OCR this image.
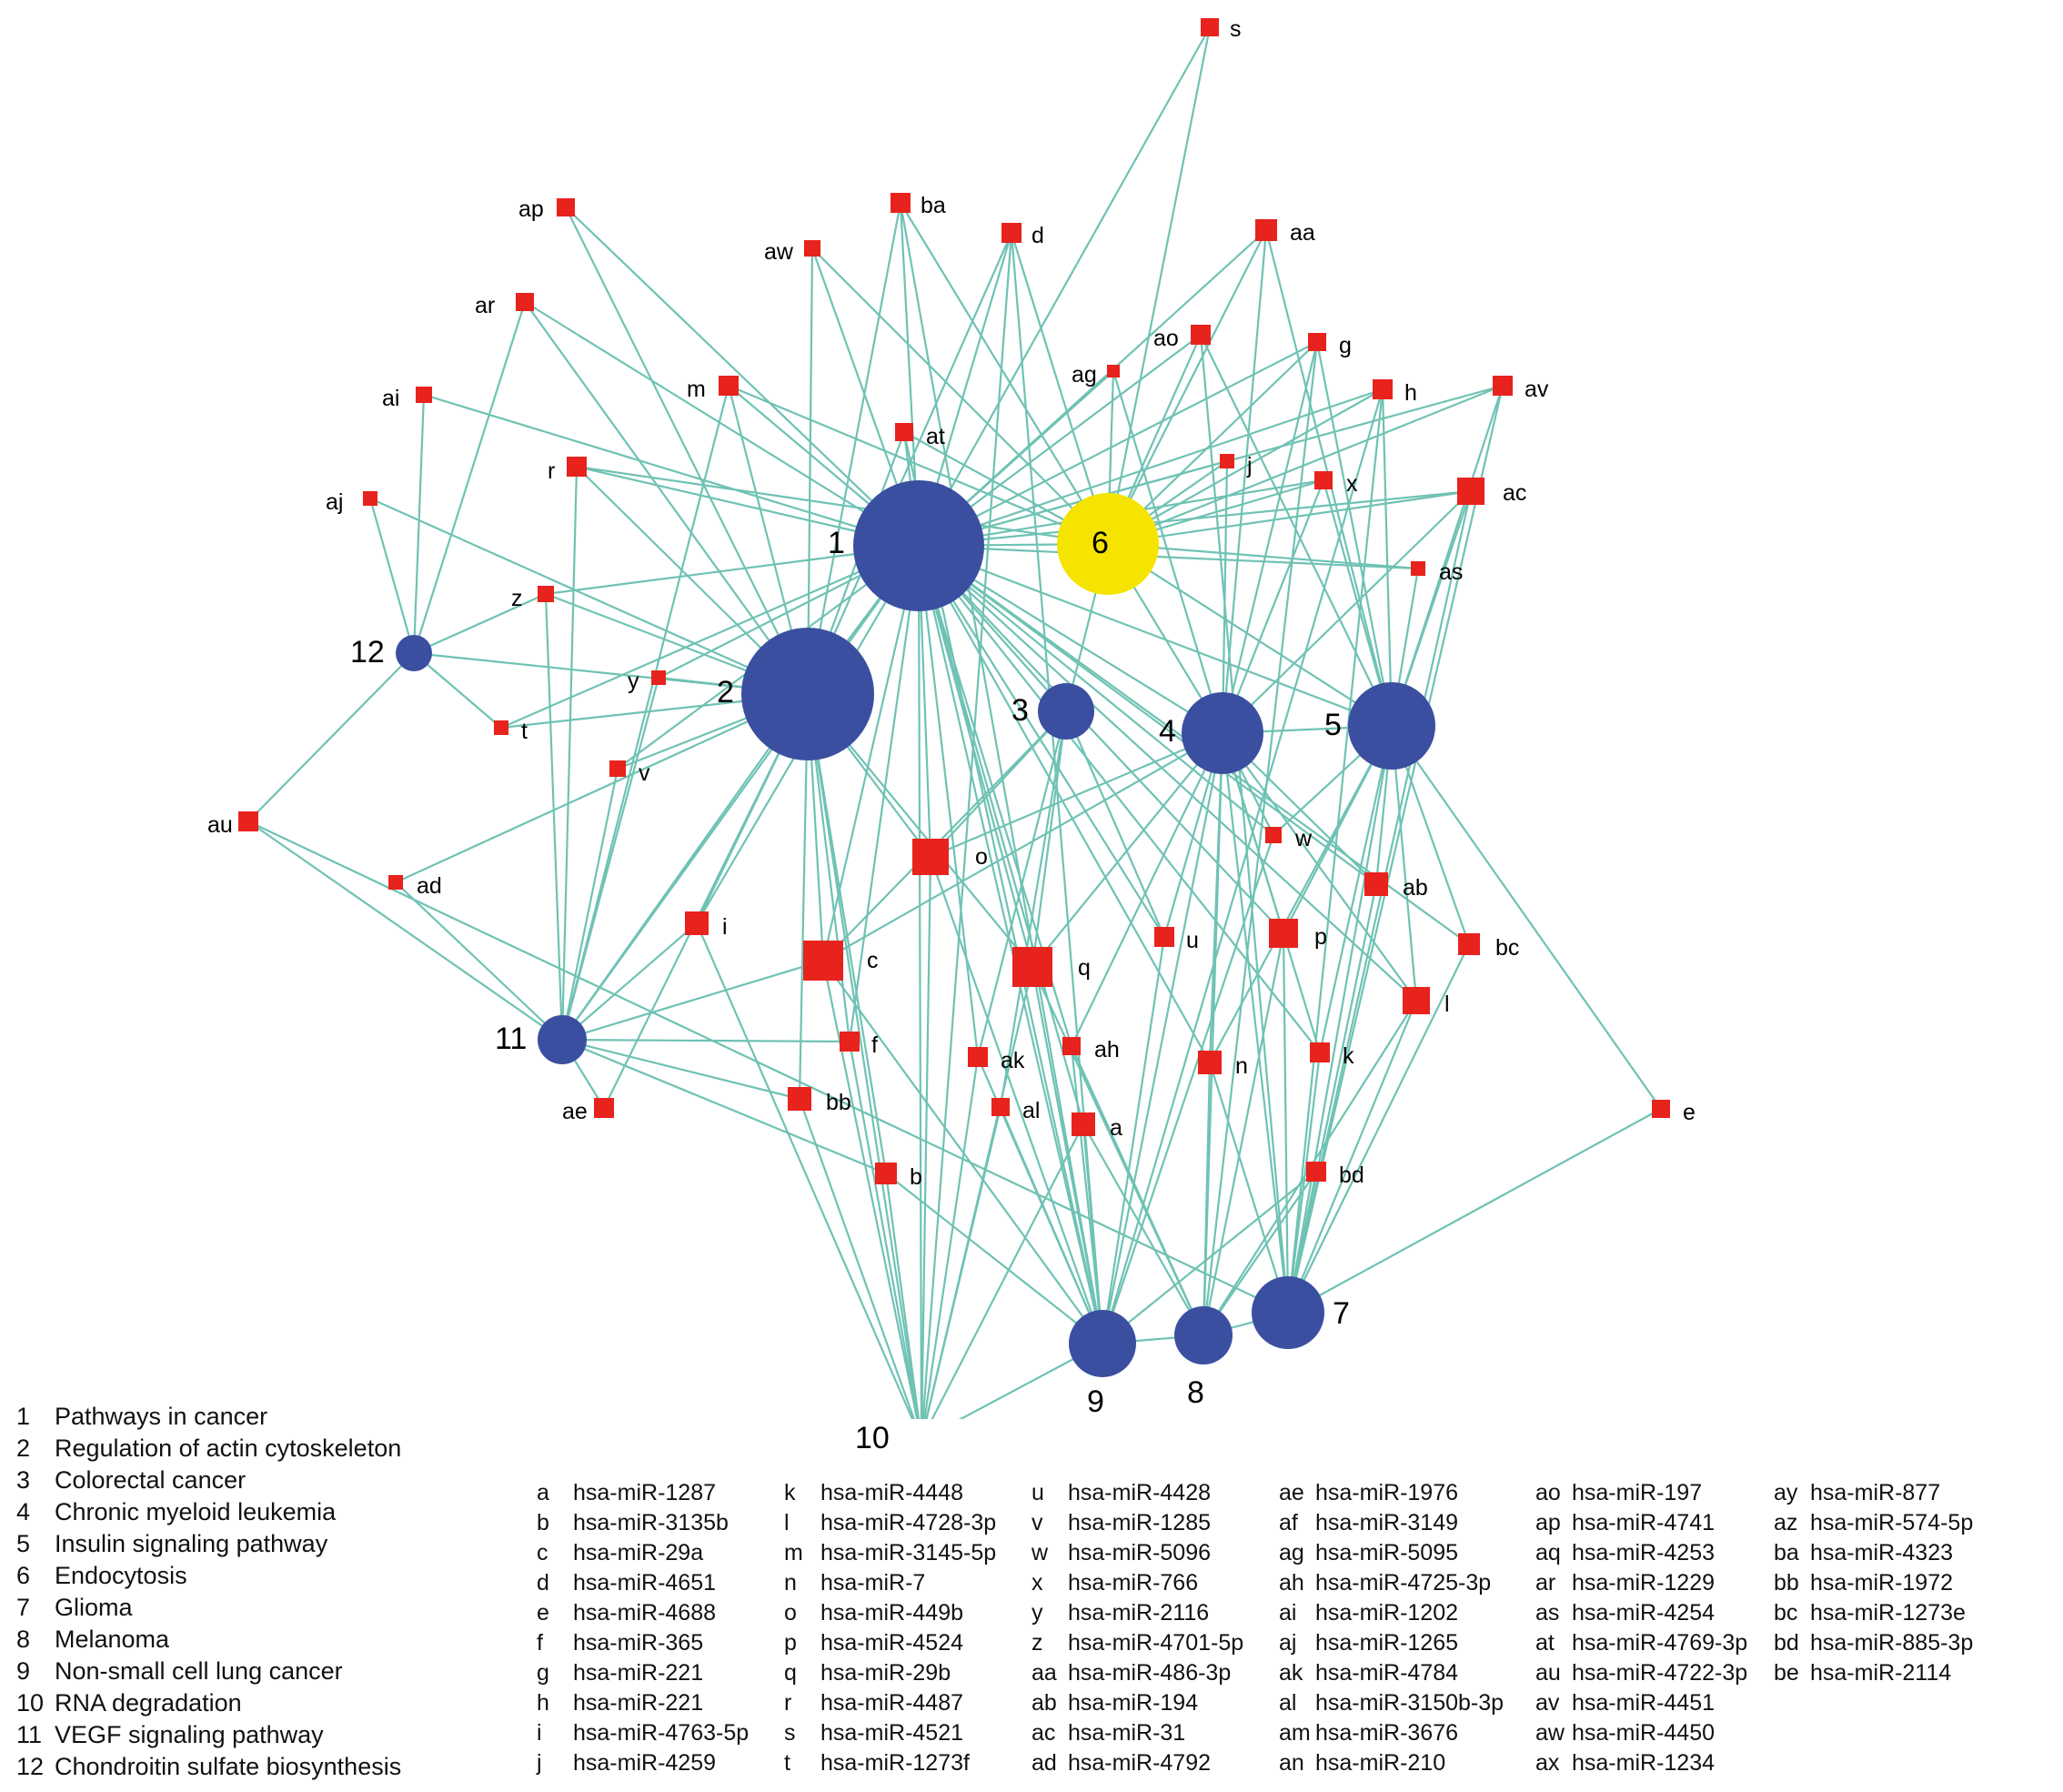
s
ap	ba
d	aa
aw
ar
ao	g
ai	m
ag
h	av
at
r	j
x
aj	ac
z
as
y
t
v
au
w
ad
o
ab
i
u	p	bc
c	q
l
f
ak	ah
n	k
bb
ae	al
a
e
b	bd
1
2
3
4	5
6
7
8
9
10
11
12
1 Pathways in cancer
2 Regulation of actin cytoskeleton
3 Colorectal cancer
4 Chronic myeloid leukemia
5 Insulin signaling pathway
6 Endocytosis
7 Glioma
8 Melanoma
9 Non-small cell lung cancer
10 RNA degradation
11 VEGF signaling pathway
12 Chondroitin sulfate biosynthesis
a	hsa-miR-1287
b	hsa-miR-3135b
c	hsa-miR-29a
d	hsa-miR-4651
e	hsa-miR-4688
f	hsa-miR-365
g	hsa-miR-221
h	hsa-miR-221
i	hsa-miR-4763-5p
j	hsa-miR-4259
k	hsa-miR-4448
l	hsa-miR-4728-3p
m hsa-miR-3145-5p
n	hsa-miR-7
o	hsa-miR-449b
p	hsa-miR-4524
q	hsa-miR-29b
r	hsa-miR-4487
s	hsa-miR-4521
t	hsa-miR-1273f
u	hsa-miR-4428
v	hsa-miR-1285
w hsa-miR-5096
x	hsa-miR-766
y	hsa-miR-2116
z	hsa-miR-4701-5p
aa hsa-miR-486-3p
ab hsa-miR-194
ac hsa-miR-31
ad hsa-miR-4792
ae hsa-miR-1976
af hsa-miR-3149
ag hsa-miR-5095
ah hsa-miR-4725-3p
ai hsa-miR-1202
aj hsa-miR-1265
ak hsa-miR-4784
al hsa-miR-3150b-3p
am hsa-miR-3676
an hsa-miR-210
ao hsa-miR-197
ap hsa-miR-4741
aq hsa-miR-4253
ar hsa-miR-1229
as hsa-miR-4254
at hsa-miR-4769-3p
au hsa-miR-4722-3p
av hsa-miR-4451
aw hsa-miR-4450
ax hsa-miR-1234
ay hsa-miR-877
az hsa-miR-574-5p
ba hsa-miR-4323
bb hsa-miR-1972
bc hsa-miR-1273e
bd hsa-miR-885-3p
be hsa-miR-2114
